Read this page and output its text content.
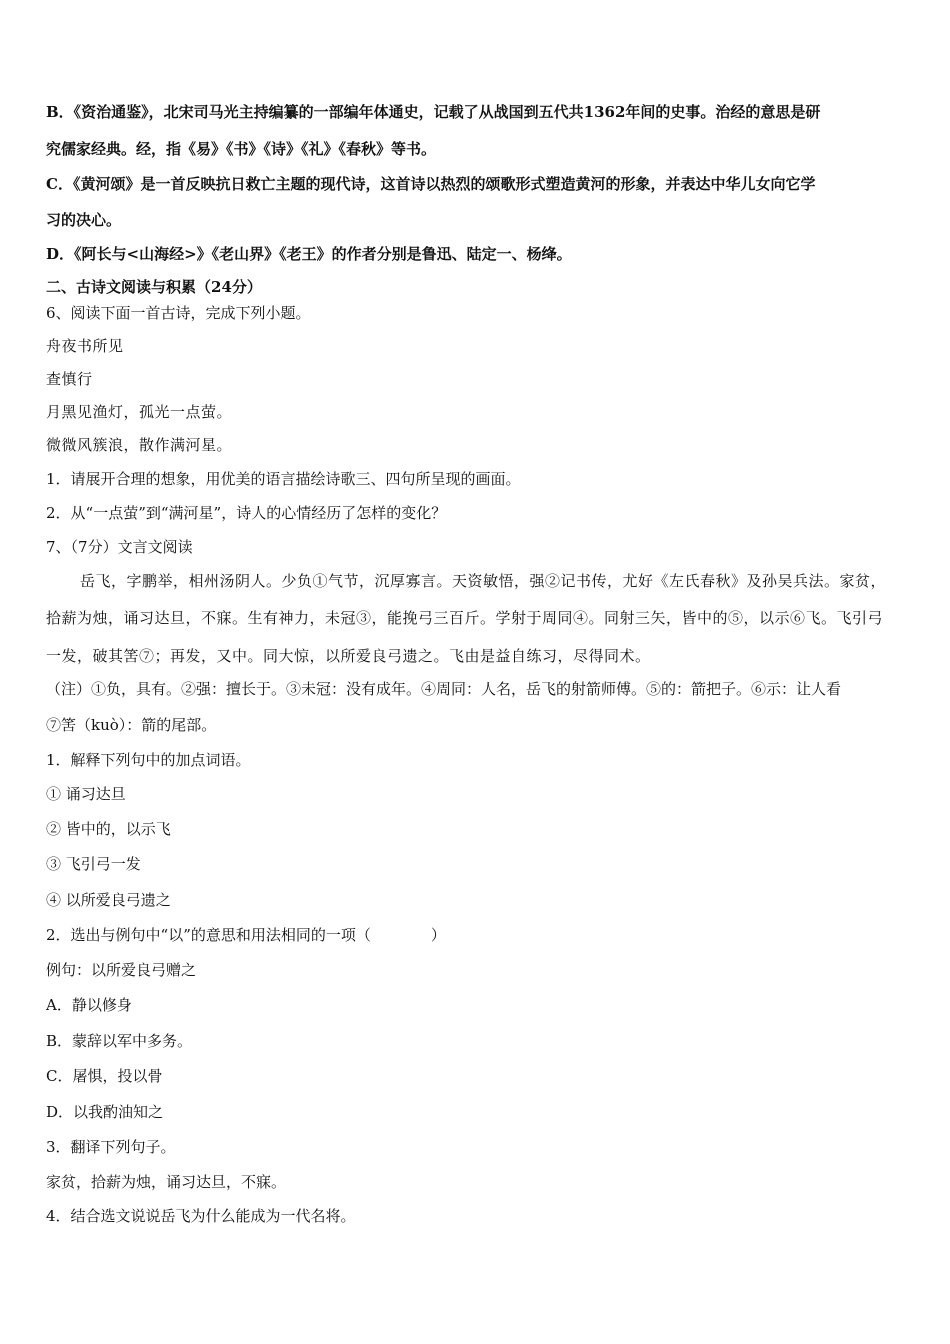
B．《资治通鉴》，北宋司马光主持编纂的一部编年体通史，记载了从战国到五代共1362年间的史事。治经的意思是研
究儒家经典。经，指《易》《书》《诗》《礼》《春秋》等书。
C．《黄河颂》是一首反映抗日救亡主题的现代诗，这首诗以热烈的颂歌形式塑造黄河的形象，并表达中华儿女向它学
习的决心。
D．《阿长与<山海经>》《老山界》《老王》的作者分别是鲁迅、陆定一、杨绛。
二、古诗文阅读与积累（24分）
6、阅读下面一首古诗，完成下列小题。
舟夜书所见
查慎行
月黑见渔灯，孤光一点萤。
微微风簇浪，散作满河星。
1．请展开合理的想象，用优美的语言描绘诗歌三、四句所呈现的画面。
2．从“一点萤”到“满河星”，诗人的心情经历了怎样的变化？
7、（7分）文言文阅读
岳飞，字鹏举，相州汤阴人。少负①气节，沉厚寡言。天资敏悟，强②记书传，尤好《左氏春秋》及孙吴兵法。家贫，
拾薪为烛，诵习达旦，不寐。生有神力，未冠③，能挽弓三百斤。学射于周同④。同射三矢，皆中的⑤，以示⑥飞。飞引弓
一发，破其筈⑦；再发，又中。同大惊，以所爱良弓遗之。飞由是益自练习，尽得同术。
（注）①负，具有。②强：擅长于。③未冠：没有成年。④周同：人名，岳飞的射箭师傅。⑤的：箭把子。⑥示：让人看
⑦筈（kuò）：箭的尾部。
1．解释下列句中的加点词语。
① 诵习达旦
② 皆中的，以示飞
③ 飞引弓一发
④ 以所爱良弓遗之
2．选出与例句中“以”的意思和用法相同的一项（　　　　）
例句：以所爱良弓赠之
A．静以修身
B．蒙辞以军中多务。
C．屠惧，投以骨
D．以我酌油知之
3．翻译下列句子。
家贫，拾薪为烛，诵习达旦，不寐。
4．结合选文说说岳飞为什么能成为一代名将。
